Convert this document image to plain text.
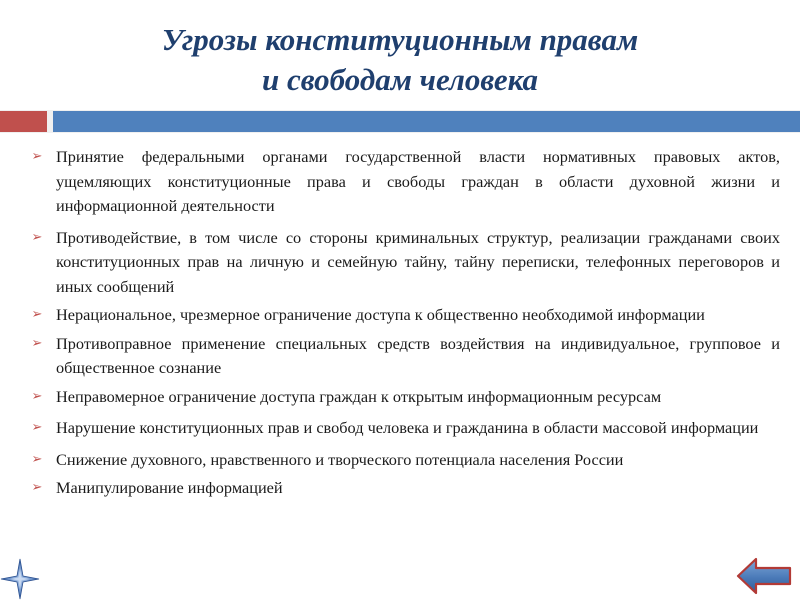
Угрозы конституционным правам
и свободам человека
➢ Принятие федеральными органами государственной власти нормативных правовых актов, ущемляющих конституционные права и свободы граждан в области духовной жизни и информационной деятельности
➢ Противодействие, в том числе со стороны криминальных структур, реализации гражданами своих конституционных прав на личную и семейную тайну, тайну переписки, телефонных переговоров и иных сообщений
➢ Нерациональное, чрезмерное ограничение доступа к общественно необходимой информации
➢ Противоправное применение специальных средств воздействия на индивидуальное, групповое и общественное сознание
➢ Неправомерное ограничение доступа граждан к открытым информационным ресурсам
➢ Нарушение конституционных прав и свобод человека и гражданина в области массовой информации
➢ Снижение духовного, нравственного и творческого потенциала населения России
➢ Манипулирование информацией
